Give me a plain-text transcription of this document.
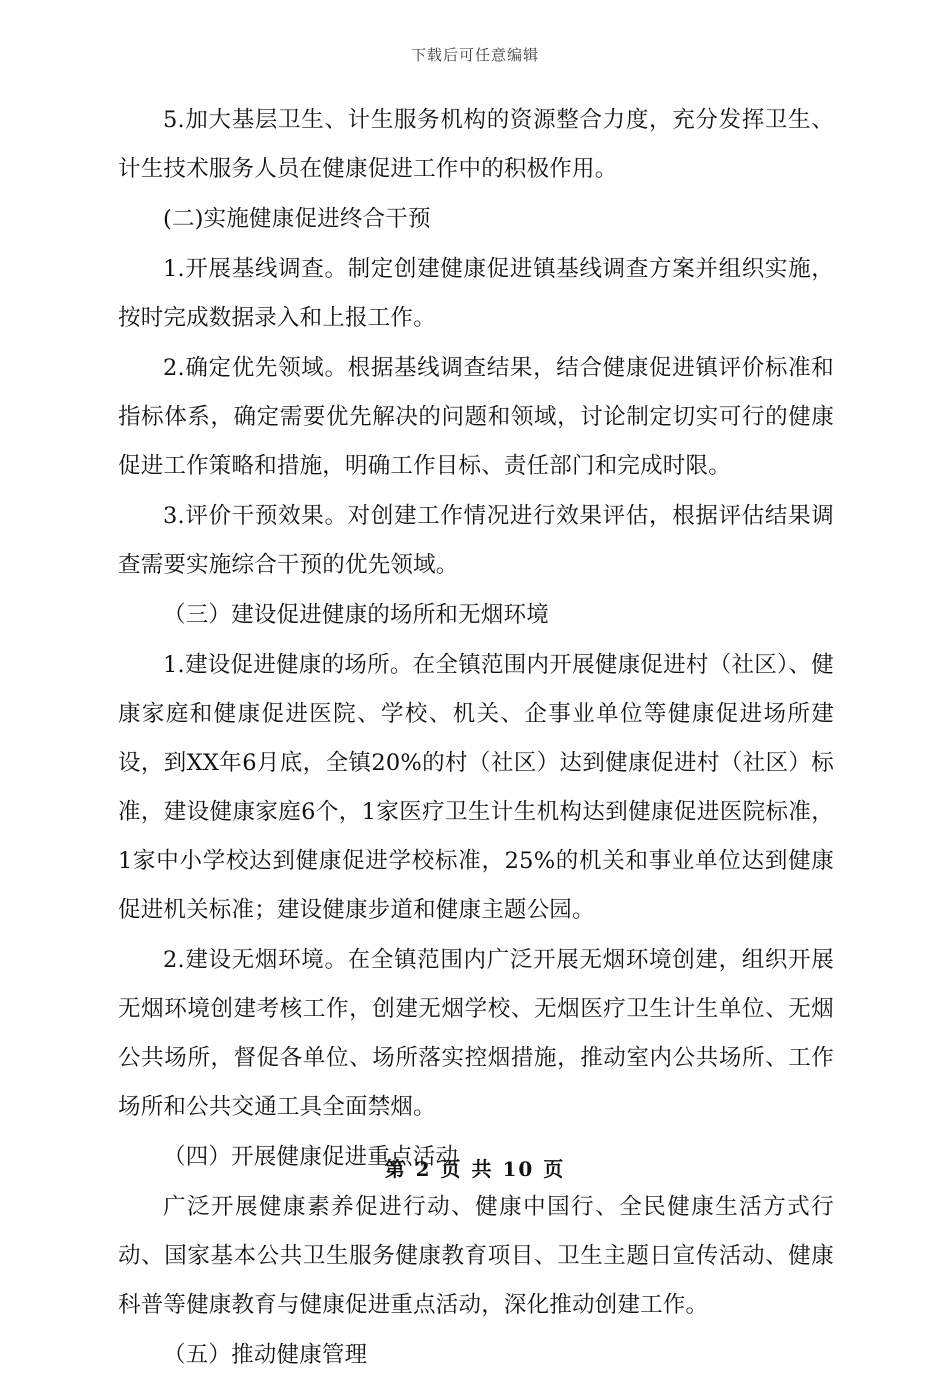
下载后可任意编辑

5.加大基层卫生、计生服务机构的资源整合力度，充分发挥卫生、计生技术服务人员在健康促进工作中的积极作用。

(二)实施健康促进终合干预

1.开展基线调查。制定创建健康促进镇基线调查方案并组织实施，按时完成数据录入和上报工作。

2.确定优先领域。根据基线调查结果，结合健康促进镇评价标准和指标体系，确定需要优先解决的问题和领域，讨论制定切实可行的健康促进工作策略和措施，明确工作目标、责任部门和完成时限。

3.评价干预效果。对创建工作情况进行效果评估，根据评估结果调查需要实施综合干预的优先领域。

（三）建设促进健康的场所和无烟环境

1.建设促进健康的场所。在全镇范围内开展健康促进村（社区）、健康家庭和健康促进医院、学校、机关、企事业单位等健康促进场所建设，到XX年6月底，全镇20%的村（社区）达到健康促进村（社区）标准，建设健康家庭6个，1家医疗卫生计生机构达到健康促进医院标准，1家中小学校达到健康促进学校标准，25%的机关和事业单位达到健康促进机关标准；建设健康步道和健康主题公园。

2.建设无烟环境。在全镇范围内广泛开展无烟环境创建，组织开展无烟环境创建考核工作，创建无烟学校、无烟医疗卫生计生单位、无烟公共场所，督促各单位、场所落实控烟措施，推动室内公共场所、工作场所和公共交通工具全面禁烟。

（四）开展健康促进重点活动

广泛开展健康素养促进行动、健康中国行、全民健康生活方式行动、国家基本公共卫生服务健康教育项目、卫生主题日宣传活动、健康科普等健康教育与健康促进重点活动，深化推动创建工作。

（五）推动健康管理

第 2 页 共 10 页
